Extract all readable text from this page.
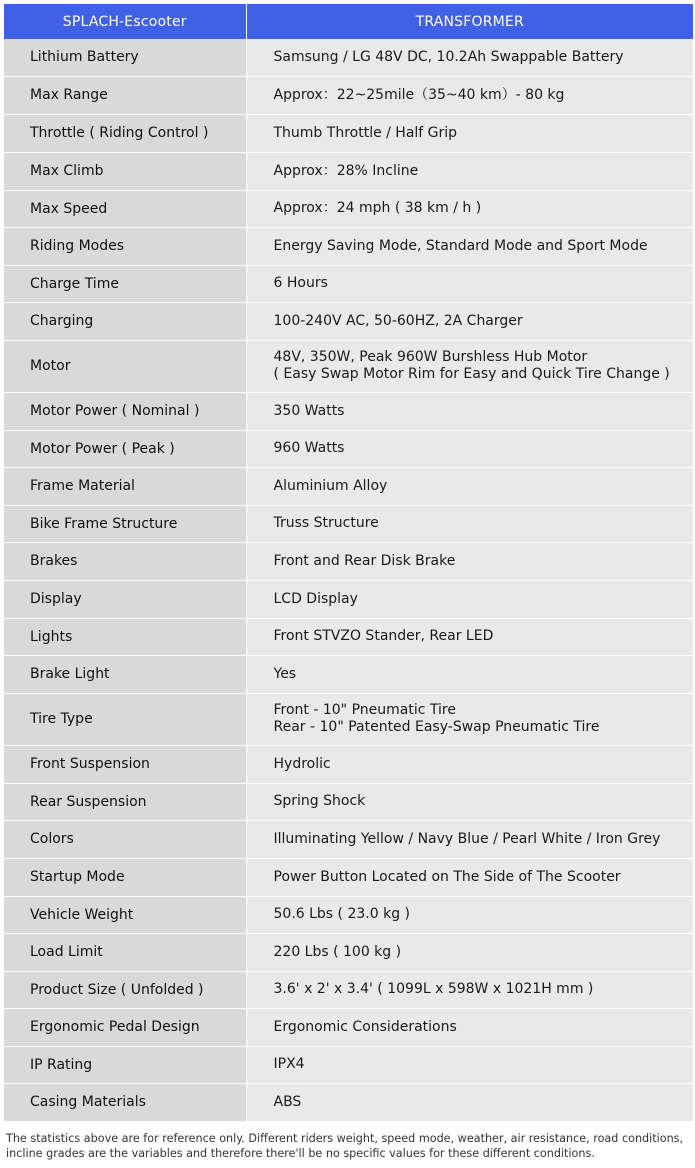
SPLACH-Escooter	TRANSFORMER
Lithium Battery	Samsung / LG 48V DC, 10.2Ah Swappable Battery

Max Range	Approx：22~25mile（35~40 km）- 80 kg

Throttle ( Riding Control )	Thumb Throttle / Half Grip

Max Climb	Approx：28% Incline

Max Speed	Approx：24 mph ( 38 km / h )

Riding Modes	Energy Saving Mode, Standard Mode and Sport Mode

Charge Time	6 Hours

Charging	100-240V AC, 50-60HZ, 2A Charger

Motor	48V, 350W, Peak 960W Burshless Hub Motor
( Easy Swap Motor Rim for Easy and Quick Tire Change )

Motor Power ( Nominal )	350 Watts

Motor Power ( Peak )	960 Watts

Frame Material	Aluminium Alloy

Bike Frame Structure	Truss Structure

Brakes	Front and Rear Disk Brake

Display	LCD Display

Lights	Front STVZO Stander, Rear LED

Brake Light	Yes

Tire Type	Front - 10" Pneumatic Tire
Rear - 10" Patented Easy-Swap Pneumatic Tire

Front Suspension	Hydrolic

Rear Suspension	Spring Shock

Colors	Illuminating Yellow / Navy Blue / Pearl White / Iron Grey

Startup Mode	Power Button Located on The Side of The Scooter

Vehicle Weight	50.6 Lbs ( 23.0 kg )

Load Limit	220 Lbs ( 100 kg )

Product Size ( Unfolded )	3.6' x 2' x 3.4' ( 1099L x 598W x 1021H mm )

Ergonomic Pedal Design	Ergonomic Considerations

IP Rating	IPX4

Casing Materials	ABS
The statistics above are for reference only. Different riders weight, speed mode, weather, air resistance, road conditions, incline grades are the variables and therefore there'll be no specific values for these different conditions.
